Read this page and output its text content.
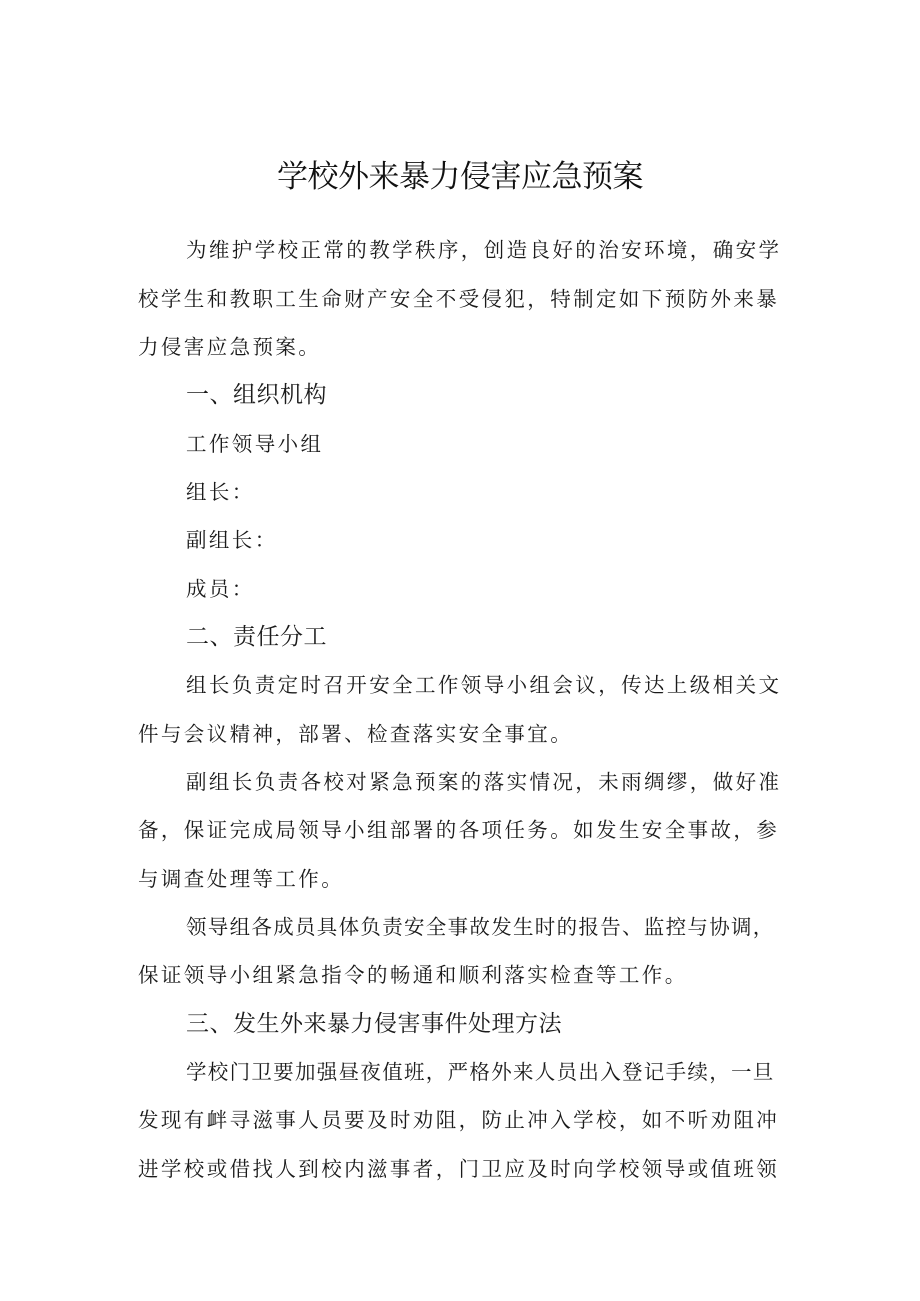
学校外来暴力侵害应急预案
为维护学校正常的教学秩序，创造良好的治安环境，确安学
校学生和教职工生命财产安全不受侵犯，特制定如下预防外来暴
力侵害应急预案。
一、组织机构
工作领导小组
组长：
副组长：
成员：
二、责任分工
组长负责定时召开安全工作领导小组会议，传达上级相关文
件与会议精神，部署、检查落实安全事宜。
副组长负责各校对紧急预案的落实情况，未雨绸缪，做好准
备，保证完成局领导小组部署的各项任务。如发生安全事故，参
与调查处理等工作。
领导组各成员具体负责安全事故发生时的报告、监控与协调，
保证领导小组紧急指令的畅通和顺利落实检查等工作。
三、发生外来暴力侵害事件处理方法
学校门卫要加强昼夜值班，严格外来人员出入登记手续，一旦
发现有衅寻滋事人员要及时劝阻，防止冲入学校，如不听劝阻冲
进学校或借找人到校内滋事者，门卫应及时向学校领导或值班领
